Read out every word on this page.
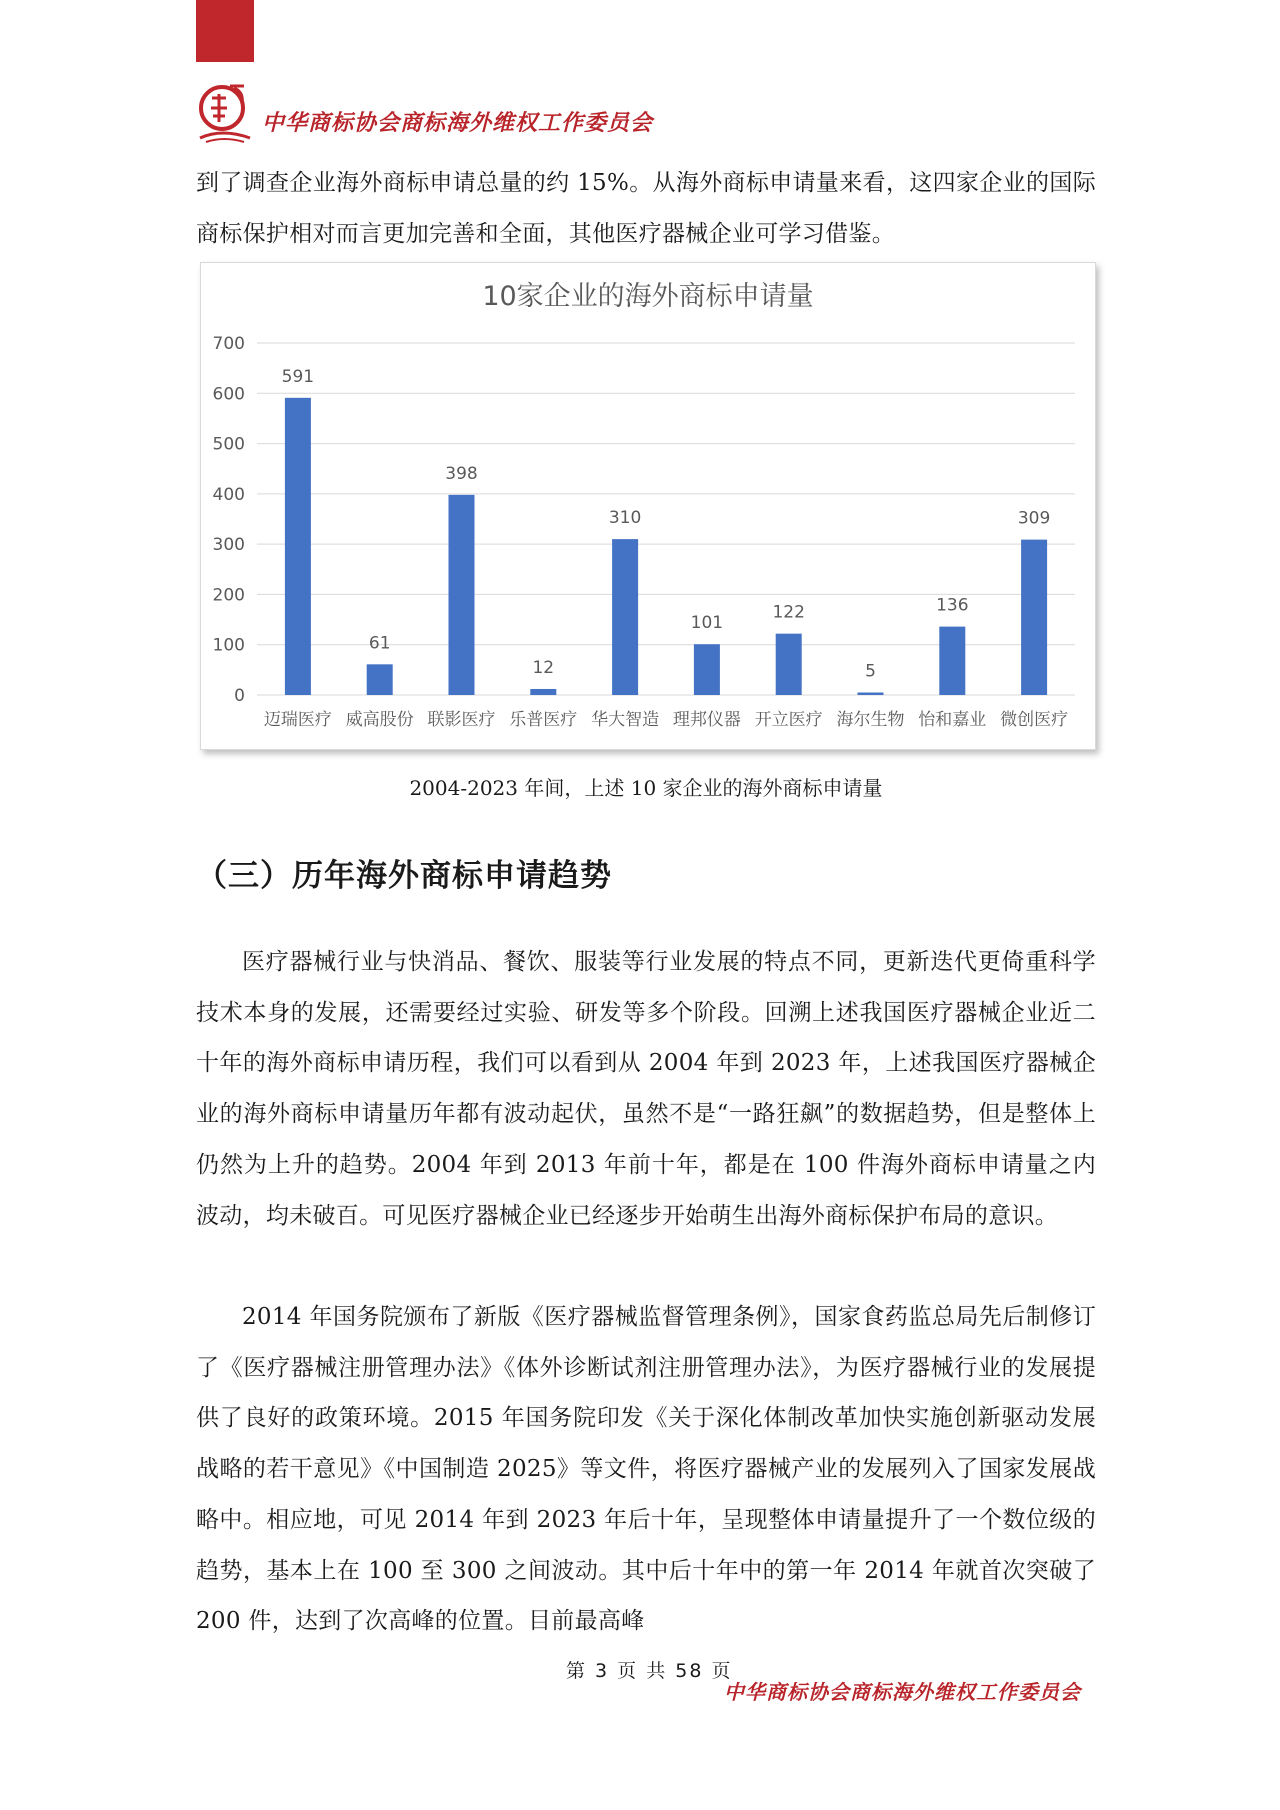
中华商标协会商标海外维权工作委员会
到了调查企业海外商标申请总量的约 15%。从海外商标申请量来看，这四家企业的国际商标保护相对而言更加完善和全面，其他医疗器械企业可学习借鉴。
10家企业的海外商标申请量
0
100
200
300
400
500
600
700
591
迈瑞医疗
61
威高股份
398
联影医疗
12
乐普医疗
310
华大智造
101
理邦仪器
122
开立医疗
5
海尔生物
136
怡和嘉业
309
微创医疗
2004-2023 年间，上述 10 家企业的海外商标申请量
（三）历年海外商标申请趋势
医疗器械行业与快消品、餐饮、服装等行业发展的特点不同，更新迭代更倚重科学技术本身的发展，还需要经过实验、研发等多个阶段。回溯上述我国医疗器械企业近二十年的海外商标申请历程，我们可以看到从 2004 年到 2023 年，上述我国医疗器械企业的海外商标申请量历年都有波动起伏，虽然不是“一路狂飙”的数据趋势，但是整体上仍然为上升的趋势。2004 年到 2013 年前十年，都是在 100 件海外商标申请量之内波动，均未破百。可见医疗器械企业已经逐步开始萌生出海外商标保护布局的意识。
2014 年国务院颁布了新版《医疗器械监督管理条例》，国家食药监总局先后制修订了《医疗器械注册管理办法》《体外诊断试剂注册管理办法》，为医疗器械行业的发展提供了良好的政策环境。2015 年国务院印发《关于深化体制改革加快实施创新驱动发展战略的若干意见》《中国制造 2025》等文件，将医疗器械产业的发展列入了国家发展战略中。相应地，可见 2014 年到 2023 年后十年，呈现整体申请量提升了一个数位级的趋势，基本上在 100 至 300 之间波动。其中后十年中的第一年 2014 年就首次突破了 200 件，达到了次高峰的位置。目前最高峰
第 3 页 共 58 页
中华商标协会商标海外维权工作委员会
